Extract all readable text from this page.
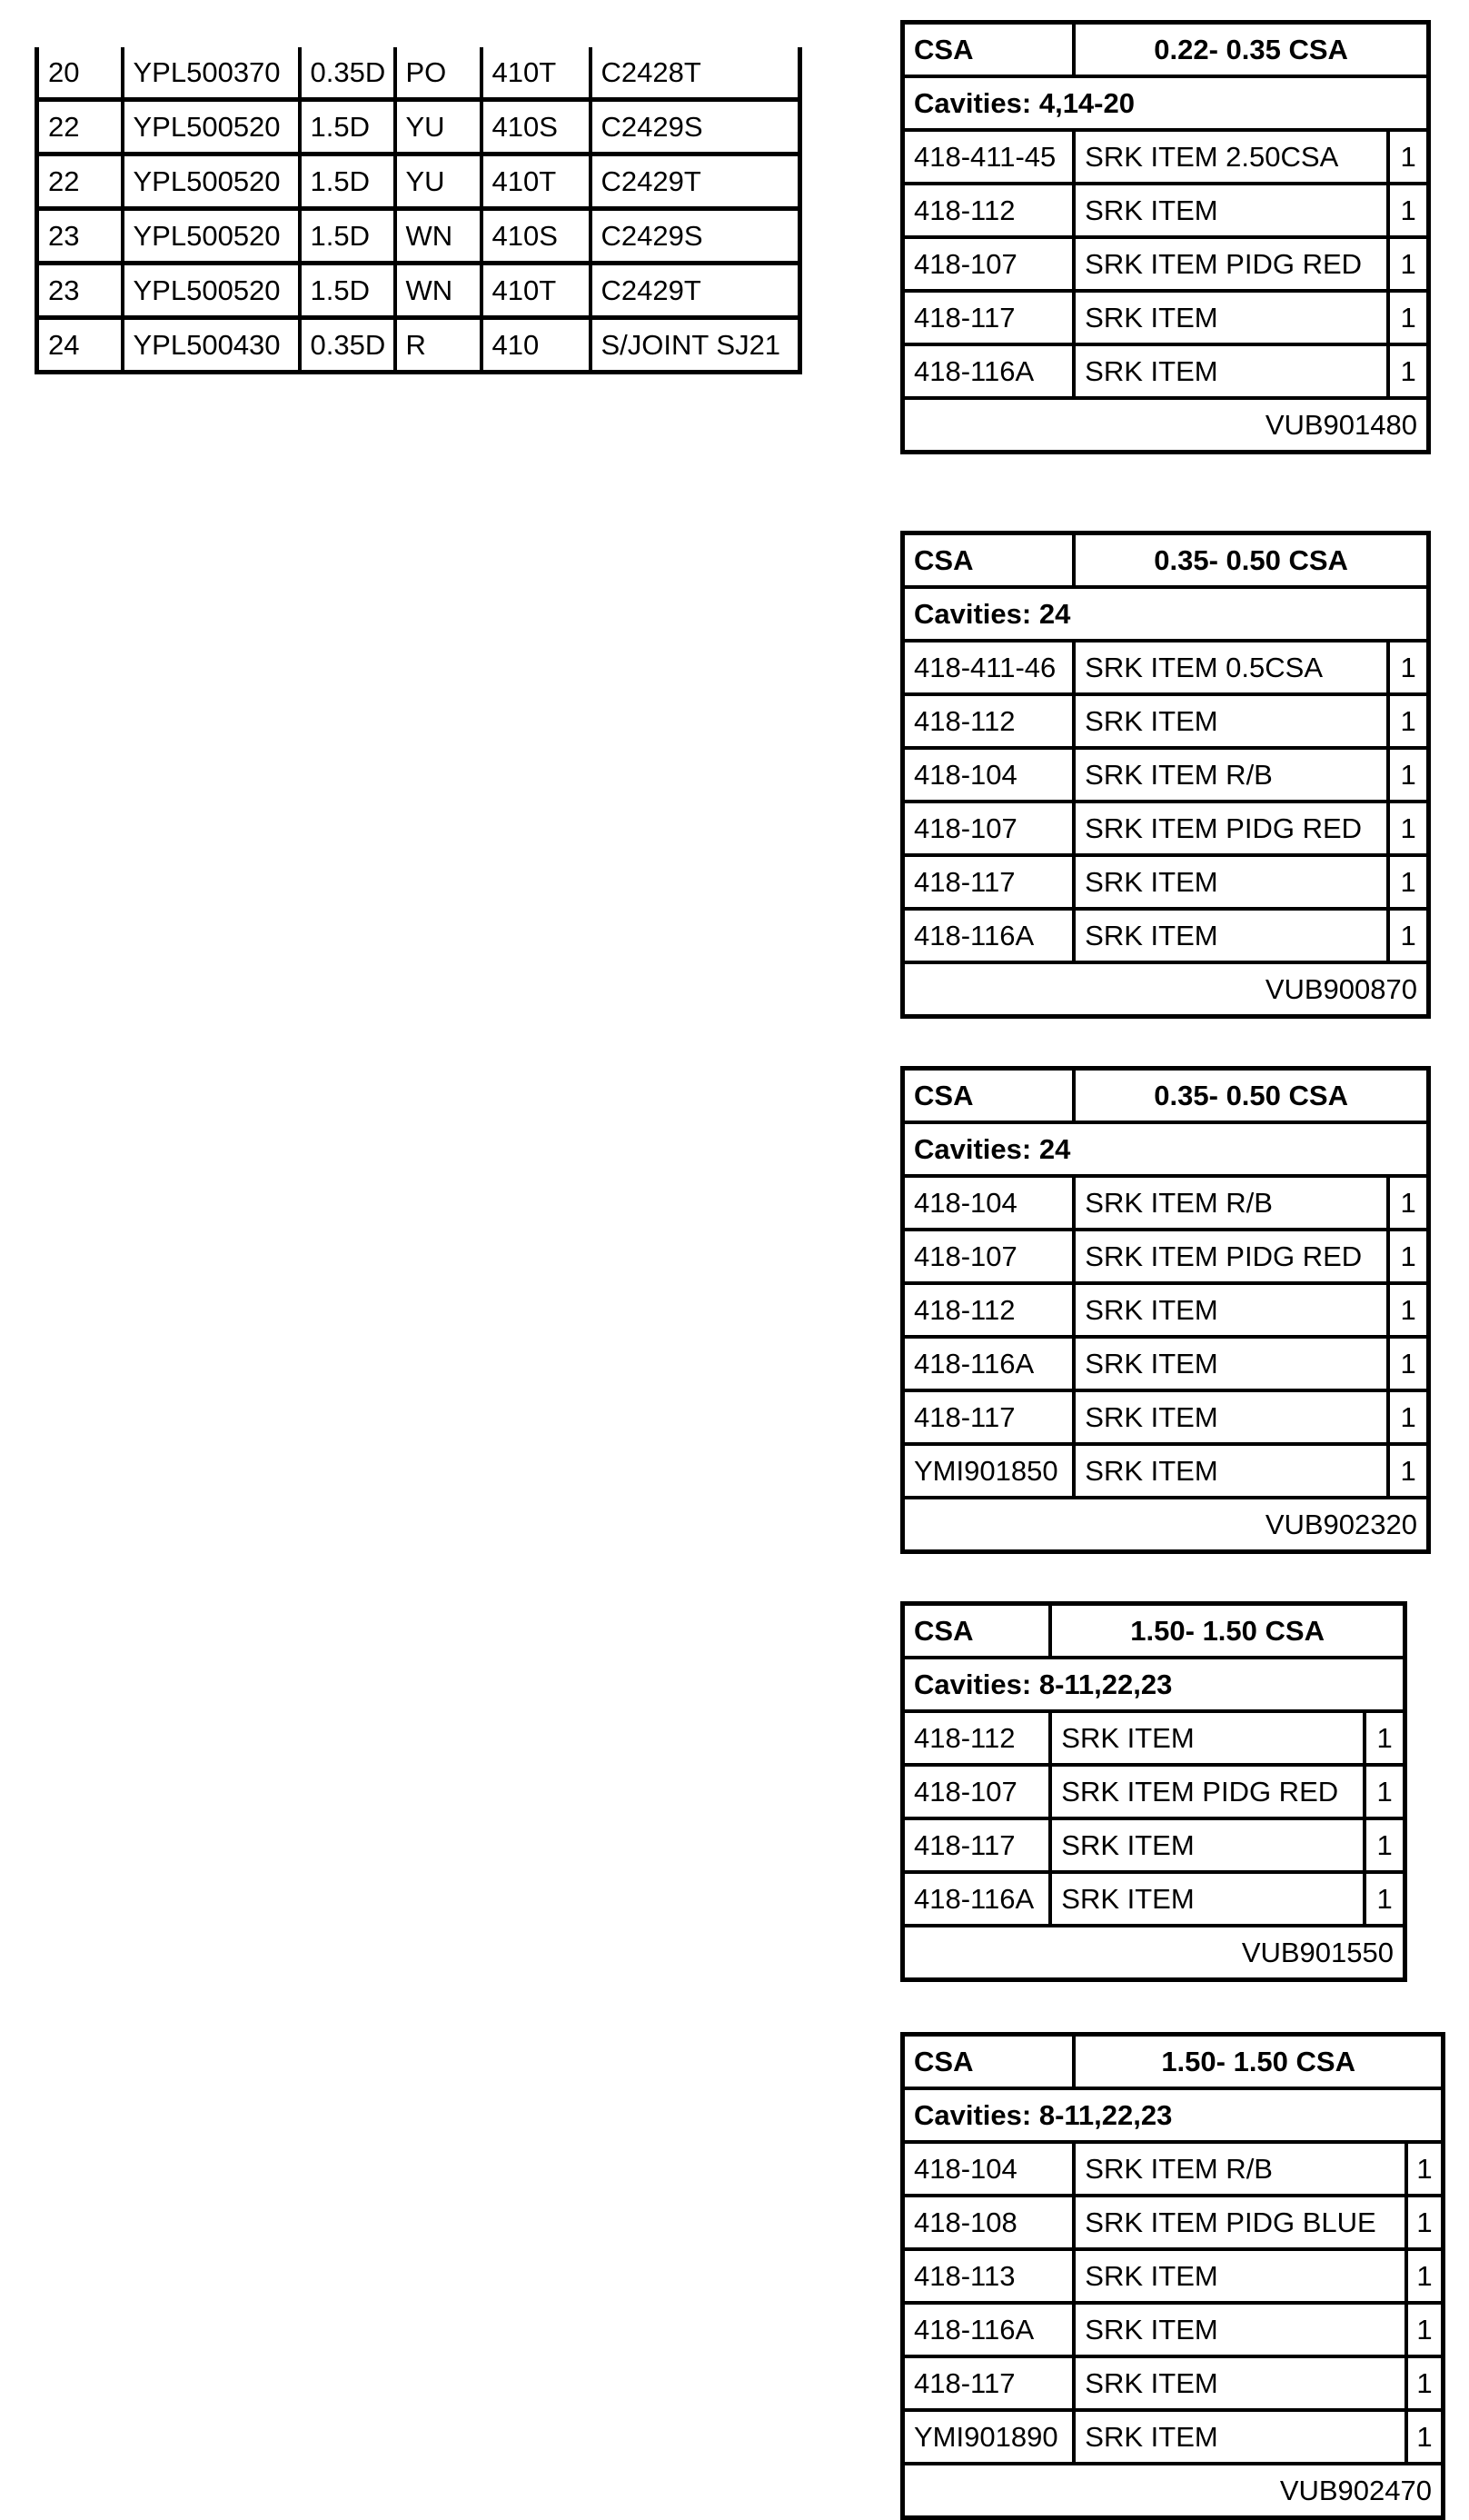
20	YPL500370	0.35D	PO	410T	C2428T
22	YPL500520	1.5D	YU	410S	C2429S
22	YPL500520	1.5D	YU	410T	C2429T
23	YPL500520	1.5D	WN	410S	C2429S
23	YPL500520	1.5D	WN	410T	C2429T
24	YPL500430	0.35D	R	410	S/JOINT SJ21
CSA	0.22- 0.35 CSA	
Cavities: 4,14-20		
418-411-45	SRK ITEM 2.50CSA	1
418-112	SRK ITEM	1
418-107	SRK ITEM PIDG RED	1
418-117	SRK ITEM	1
418-116A	SRK ITEM	1
VUB901480		
CSA	0.35- 0.50 CSA	
Cavities: 24		
418-411-46	SRK ITEM 0.5CSA	1
418-112	SRK ITEM	1
418-104	SRK ITEM R/B	1
418-107	SRK ITEM PIDG RED	1
418-117	SRK ITEM	1
418-116A	SRK ITEM	1
VUB900870		
CSA	0.35- 0.50 CSA	
Cavities: 24		
418-104	SRK ITEM R/B	1
418-107	SRK ITEM PIDG RED	1
418-112	SRK ITEM	1
418-116A	SRK ITEM	1
418-117	SRK ITEM	1
YMI901850	SRK ITEM	1
VUB902320		
CSA	1.50- 1.50 CSA	
Cavities: 8-11,22,23		
418-112	SRK ITEM	1
418-107	SRK ITEM PIDG RED	1
418-117	SRK ITEM	1
418-116A	SRK ITEM	1
VUB901550		
CSA	1.50- 1.50 CSA	
Cavities: 8-11,22,23		
418-104	SRK ITEM R/B	1
418-108	SRK ITEM PIDG BLUE	1
418-113	SRK ITEM	1
418-116A	SRK ITEM	1
418-117	SRK ITEM	1
YMI901890	SRK ITEM	1
VUB902470		
